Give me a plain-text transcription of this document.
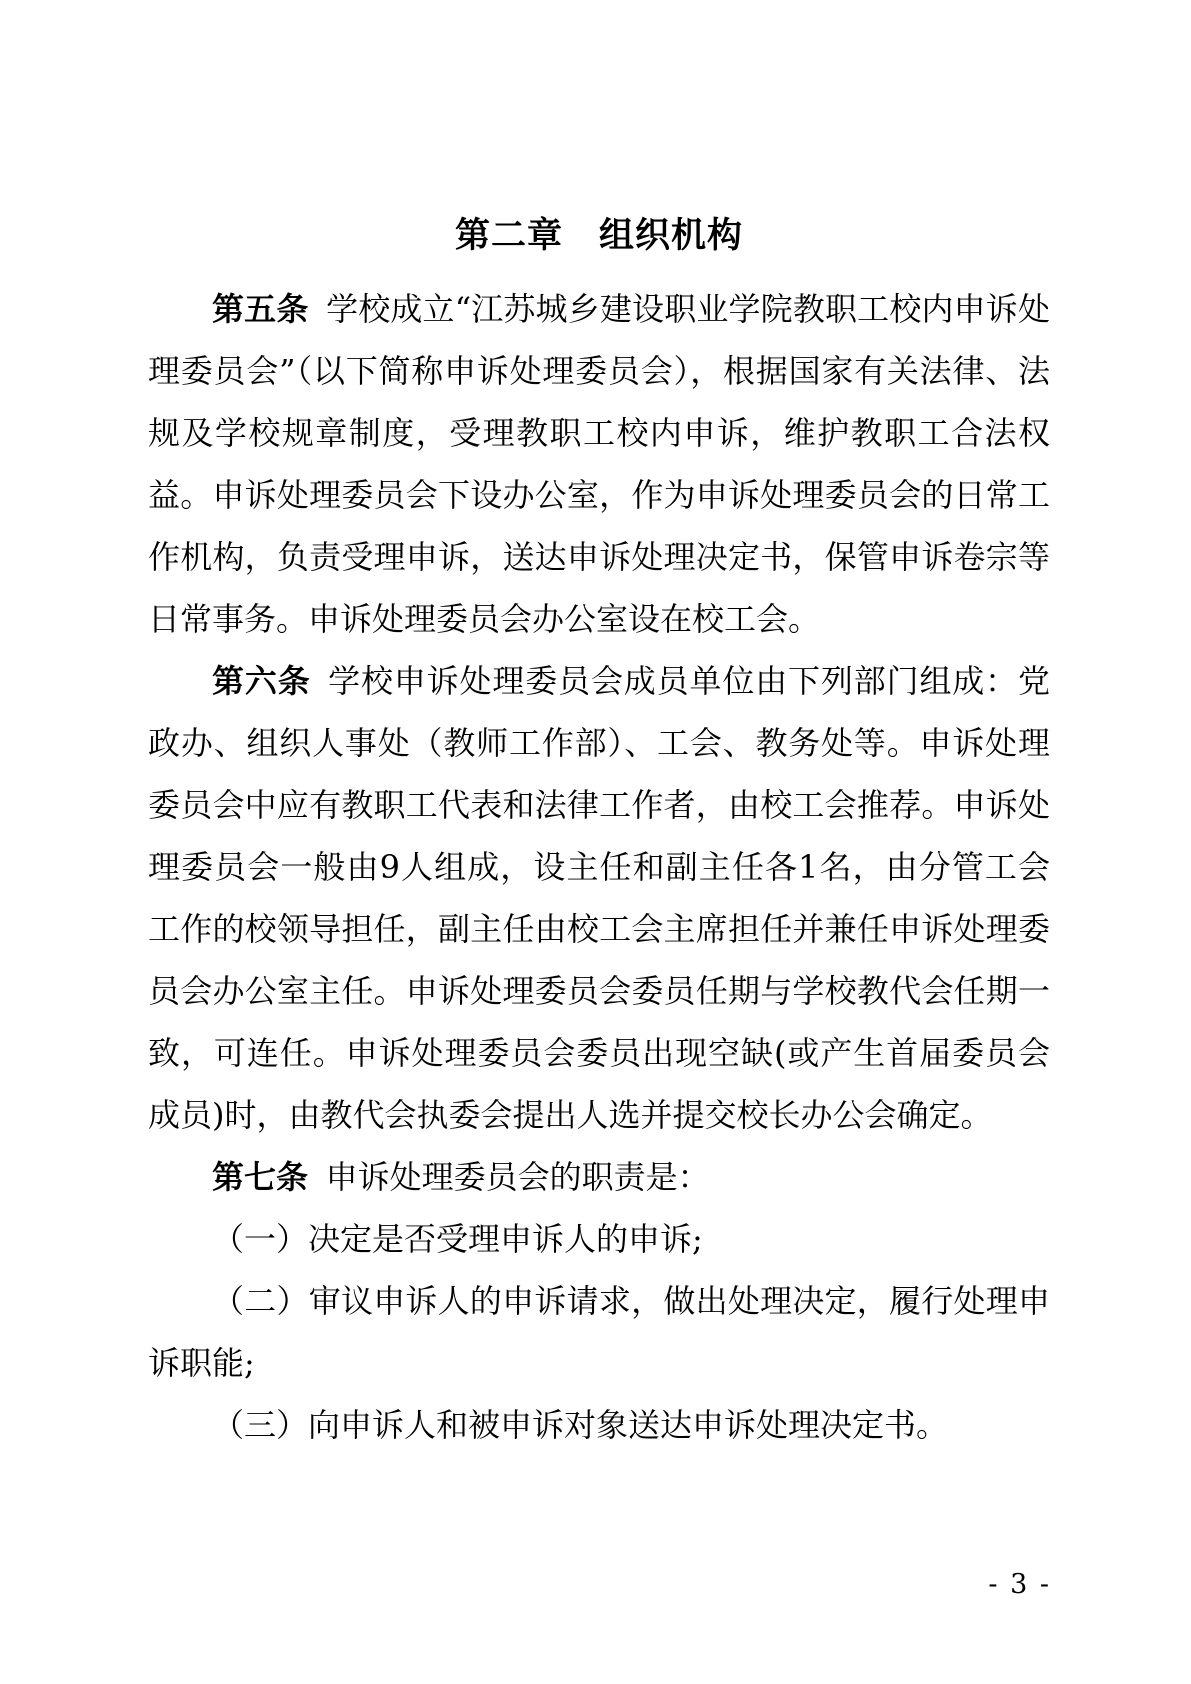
第二章　组织机构

第五条 学校成立“江苏城乡建设职业学院教职工校内申诉处理委员会”（以下简称申诉处理委员会），根据国家有关法律、法规及学校规章制度，受理教职工校内申诉，维护教职工合法权益。申诉处理委员会下设办公室，作为申诉处理委员会的日常工作机构，负责受理申诉，送达申诉处理决定书，保管申诉卷宗等日常事务。申诉处理委员会办公室设在校工会。

第六条 学校申诉处理委员会成员单位由下列部门组成：党政办、组织人事处（教师工作部）、工会、教务处等。申诉处理委员会中应有教职工代表和法律工作者，由校工会推荐。申诉处理委员会一般由9人组成，设主任和副主任各1名，由分管工会工作的校领导担任，副主任由校工会主席担任并兼任申诉处理委员会办公室主任。申诉处理委员会委员任期与学校教代会任期一致，可连任。申诉处理委员会委员出现空缺(或产生首届委员会成员)时，由教代会执委会提出人选并提交校长办公会确定。

第七条 申诉处理委员会的职责是：

（一）决定是否受理申诉人的申诉;

（二）审议申诉人的申诉请求，做出处理决定，履行处理申诉职能;

（三）向申诉人和被申诉对象送达申诉处理决定书。

- 3 -
